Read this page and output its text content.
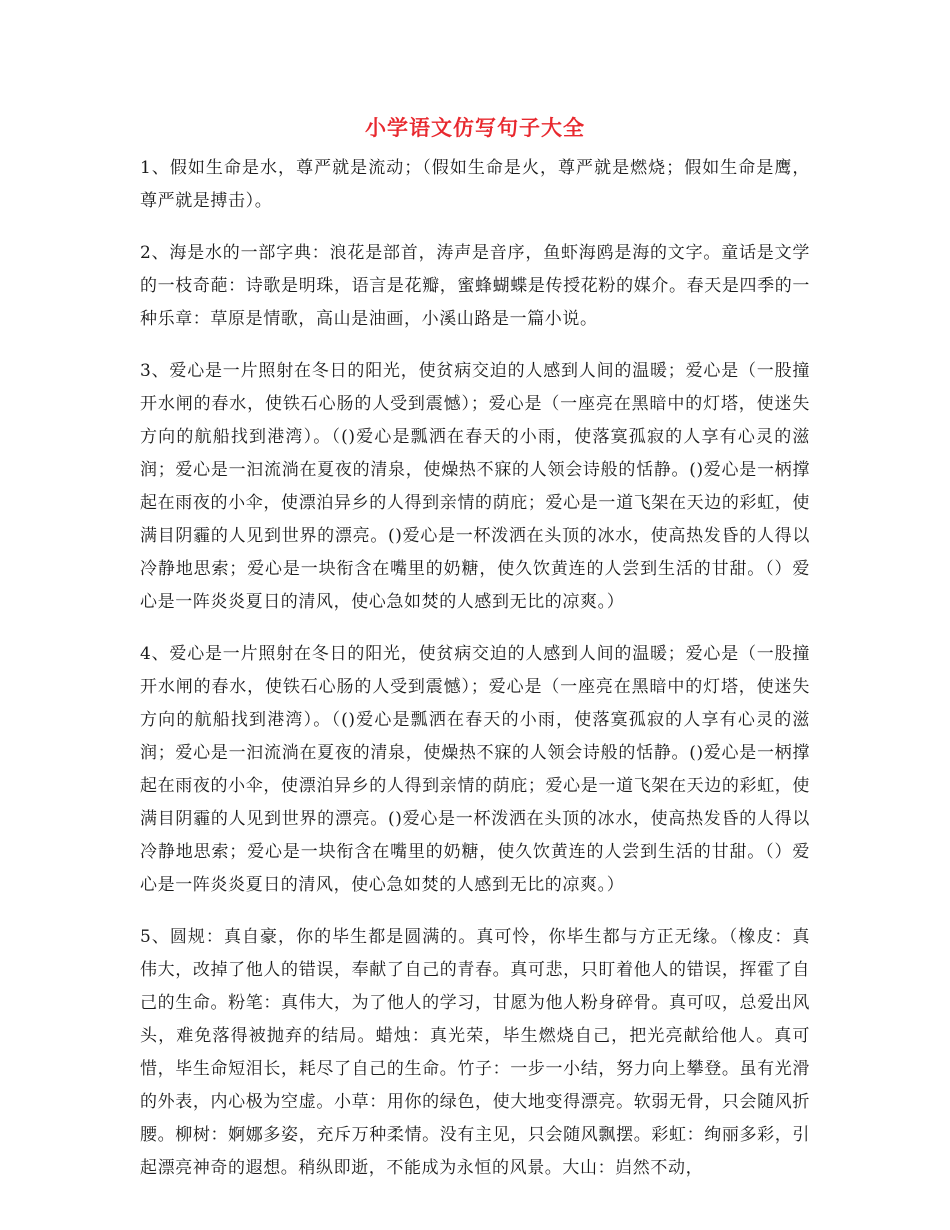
小学语文仿写句子大全

1、假如生命是水，尊严就是流动；（假如生命是火，尊严就是燃烧；假如生命是鹰，尊严就是搏击）。

2、海是水的一部字典：浪花是部首，涛声是音序，鱼虾海鸥是海的文字。童话是文学的一枝奇葩：诗歌是明珠，语言是花瓣，蜜蜂蝴蝶是传授花粉的媒介。春天是四季的一种乐章：草原是情歌，高山是油画，小溪山路是一篇小说。

3、爱心是一片照射在冬日的阳光，使贫病交迫的人感到人间的温暖；爱心是（一股撞开水闸的春水，使铁石心肠的人受到震憾）；爱心是（一座亮在黑暗中的灯塔，使迷失方向的航船找到港湾）。（()爱心是瓢洒在春天的小雨，使落寞孤寂的人享有心灵的滋润；爱心是一汩流淌在夏夜的清泉，使燥热不寐的人领会诗般的恬静。()爱心是一柄撑起在雨夜的小伞，使漂泊异乡的人得到亲情的荫庇；爱心是一道飞架在天边的彩虹，使满目阴霾的人见到世界的漂亮。()爱心是一杯泼洒在头顶的冰水，使高热发昏的人得以冷静地思索；爱心是一块衔含在嘴里的奶糖，使久饮黄连的人尝到生活的甘甜。（）爱心是一阵炎炎夏日的清风，使心急如焚的人感到无比的凉爽。）

4、爱心是一片照射在冬日的阳光，使贫病交迫的人感到人间的温暖；爱心是（一股撞开水闸的春水，使铁石心肠的人受到震憾）；爱心是（一座亮在黑暗中的灯塔，使迷失方向的航船找到港湾）。（()爱心是瓢洒在春天的小雨，使落寞孤寂的人享有心灵的滋润；爱心是一汩流淌在夏夜的清泉，使燥热不寐的人领会诗般的恬静。()爱心是一柄撑起在雨夜的小伞，使漂泊异乡的人得到亲情的荫庇；爱心是一道飞架在天边的彩虹，使满目阴霾的人见到世界的漂亮。()爱心是一杯泼洒在头顶的冰水，使高热发昏的人得以冷静地思索；爱心是一块衔含在嘴里的奶糖，使久饮黄连的人尝到生活的甘甜。（）爱心是一阵炎炎夏日的清风，使心急如焚的人感到无比的凉爽。）

5、圆规：真自豪，你的毕生都是圆满的。真可怜，你毕生都与方正无缘。（橡皮：真伟大，改掉了他人的错误，奉献了自己的青春。真可悲，只盯着他人的错误，挥霍了自己的生命。粉笔：真伟大，为了他人的学习，甘愿为他人粉身碎骨。真可叹，总爱出风头，难免落得被抛弃的结局。蜡烛：真光荣，毕生燃烧自己，把光亮献给他人。真可惜，毕生命短泪长，耗尽了自己的生命。竹子：一步一小结，努力向上攀登。虽有光滑的外表，内心极为空虚。小草：用你的绿色，使大地变得漂亮。软弱无骨，只会随风折腰。柳树：婀娜多姿，充斥万种柔情。没有主见，只会随风飘摆。彩虹：绚丽多彩，引起漂亮神奇的遐想。稍纵即逝，不能成为永恒的风景。大山：岿然不动，
